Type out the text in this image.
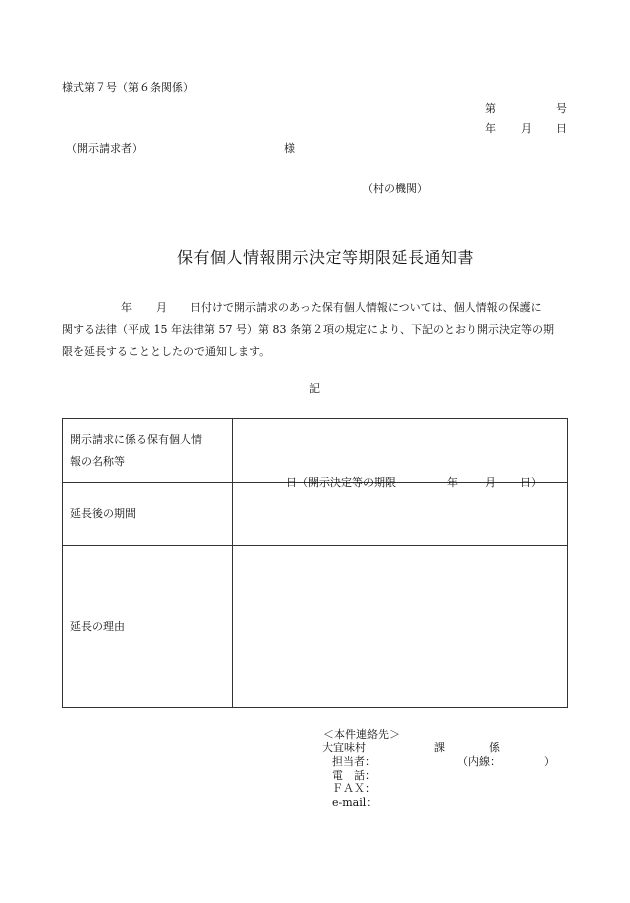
様式第７号（第６条関係）
第	号
年 月 日
（開示請求者）	様
（村の機関）
保有個人情報開示決定等期限延長通知書
年 月 日付けで開示請求のあった保有個人情報については、個人情報の保護に
関する法律（平成 15 年法律第 57 号）第 83 条第２項の規定により、下記のとおり開示決定等の期
限を延長することとしたので通知します。
記
開示請求に係る保有個人情
報の名称等	

延長後の期間	日（開示決定等の期限 年 月 日）

延長の理由	
＜本件連絡先＞
大宜味村	課	係
担当者：	（内線：	）
電　話：
ＦＡＸ：
e-mail：
